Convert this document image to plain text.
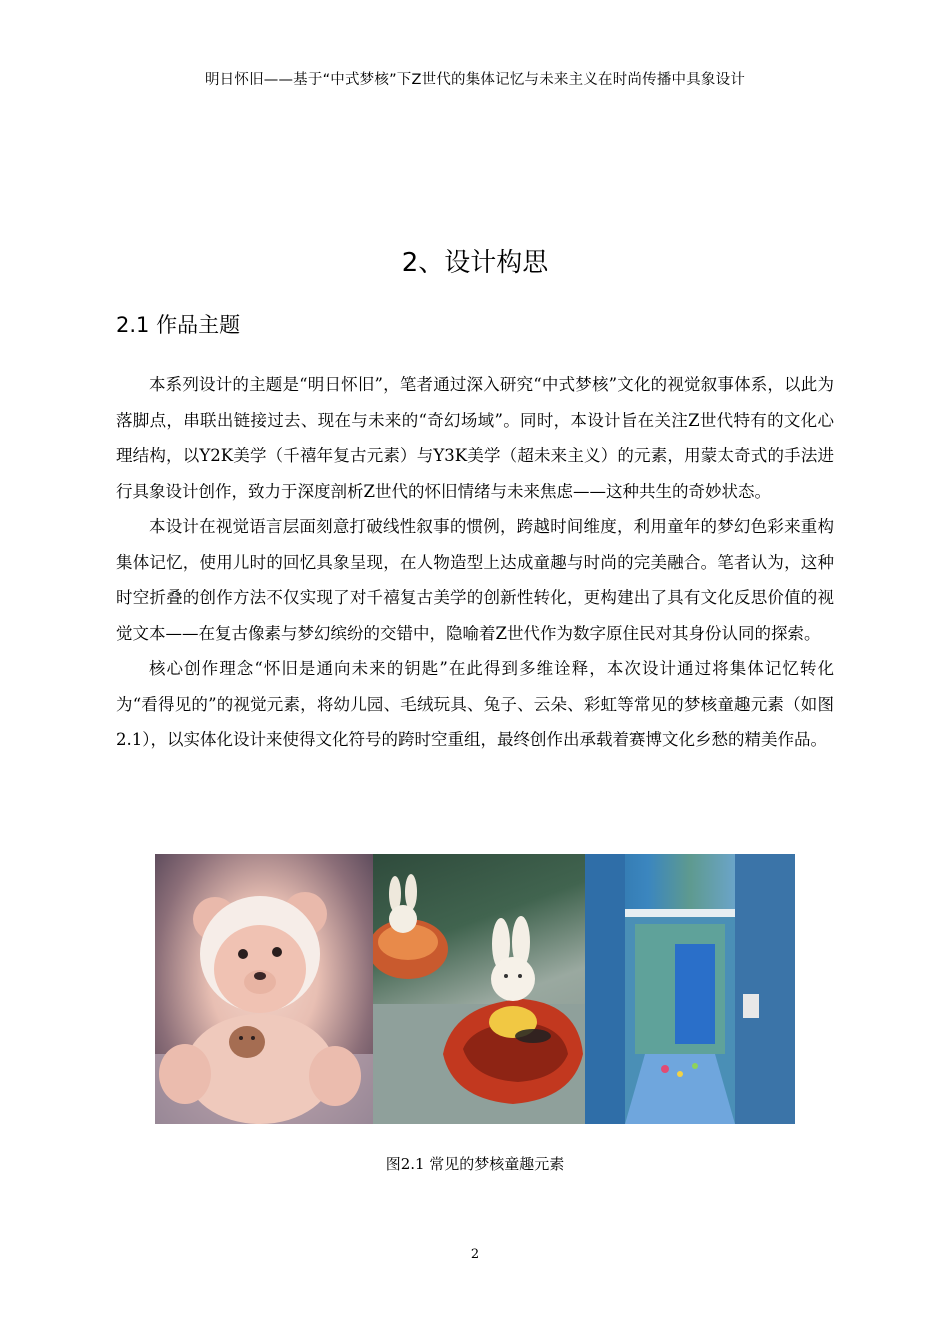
明日怀旧——基于“中式梦核”下Z世代的集体记忆与未来主义在时尚传播中具象设计
2、设计构思
2.1 作品主题

本系列设计的主题是“明日怀旧”，笔者通过深入研究“中式梦核”文化的视觉叙事体系，以此为落脚点，串联出链接过去、现在与未来的“奇幻场域”。同时，本设计旨在关注Z世代特有的文化心理结构，以Y2K美学（千禧年复古元素）与Y3K美学（超未来主义）的元素，用蒙太奇式的手法进行具象设计创作，致力于深度剖析Z世代的怀旧情绪与未来焦虑——这种共生的奇妙状态。

本设计在视觉语言层面刻意打破线性叙事的惯例，跨越时间维度，利用童年的梦幻色彩来重构集体记忆，使用儿时的回忆具象呈现，在人物造型上达成童趣与时尚的完美融合。笔者认为，这种时空折叠的创作方法不仅实现了对千禧复古美学的创新性转化，更构建出了具有文化反思价值的视觉文本——在复古像素与梦幻缤纷的交错中，隐喻着Z世代作为数字原住民对其身份认同的探索。

核心创作理念“怀旧是通向未来的钥匙”在此得到多维诠释，本次设计通过将集体记忆转化为“看得见的”的视觉元素，将幼儿园、毛绒玩具、兔子、云朵、彩虹等常见的梦核童趣元素（如图2.1），以实体化设计来使得文化符号的跨时空重组，最终创作出承载着赛博文化乡愁的精美作品。

图2.1 常见的梦核童趣元素
2
